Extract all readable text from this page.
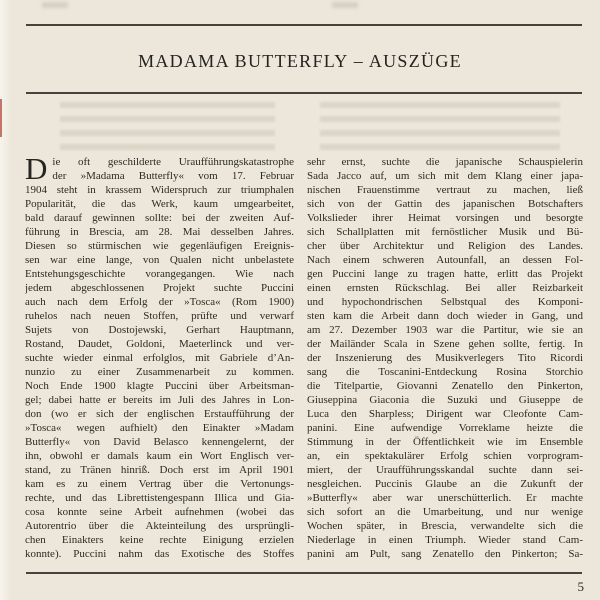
MADAMA BUTTERFLY – AUSZÜGE
D ie oft geschilderte Uraufführungskatastrophe
der »Madama Butterfly« vom 17. Februar
1904 steht in krassem Widerspruch zur triumphalen
Popularität, die das Werk, kaum umgearbeitet,
bald darauf gewinnen sollte: bei der zweiten Auf-
führung in Brescia, am 28. Mai desselben Jahres.
Diesen so stürmischen wie gegenläufigen Ereignis-
sen war eine lange, von Qualen nicht unbelastete
Entstehungsgeschichte vorangegangen. Wie nach
jedem abgeschlossenen Projekt suchte Puccini
auch nach dem Erfolg der »Tosca« (Rom 1900)
ruhelos nach neuen Stoffen, prüfte und verwarf
Sujets von Dostojewski, Gerhart Hauptmann,
Rostand, Daudet, Goldoni, Maeterlinck und ver-
suchte wieder einmal erfolglos, mit Gabriele d’An-
nunzio zu einer Zusammenarbeit zu kommen.
Noch Ende 1900 klagte Puccini über Arbeitsman-
gel; dabei hatte er bereits im Juli des Jahres in Lon-
don (wo er sich der englischen Erstaufführung der
»Tosca« wegen aufhielt) den Einakter »Madam
Butterfly« von David Belasco kennengelernt, der
ihn, obwohl er damals kaum ein Wort Englisch ver-
stand, zu Tränen hinriß. Doch erst im April 1901
kam es zu einem Vertrag über die Vertonungs-
rechte, und das Librettistengespann Illica und Gia-
cosa konnte seine Arbeit aufnehmen (wobei das
Autorentrio über die Akteinteilung des ursprüngli-
chen Einakters keine rechte Einigung erzielen
konnte). Puccini nahm das Exotische des Stoffes
sehr ernst, suchte die japanische Schauspielerin
Sada Jacco auf, um sich mit dem Klang einer japa-
nischen Frauenstimme vertraut zu machen, ließ
sich von der Gattin des japanischen Botschafters
Volkslieder ihrer Heimat vorsingen und besorgte
sich Schallplatten mit fernöstlicher Musik und Bü-
cher über Architektur und Religion des Landes.
Nach einem schweren Autounfall, an dessen Fol-
gen Puccini lange zu tragen hatte, erlitt das Projekt
einen ernsten Rückschlag. Bei aller Reizbarkeit
und hypochondrischen Selbstqual des Komponi-
sten kam die Arbeit dann doch wieder in Gang, und
am 27. Dezember 1903 war die Partitur, wie sie an
der Mailänder Scala in Szene gehen sollte, fertig. In
der Inszenierung des Musikverlegers Tito Ricordi
sang die Toscanini-Entdeckung Rosina Storchio
die Titelpartie, Giovanni Zenatello den Pinkerton,
Giuseppina Giaconia die Suzuki und Giuseppe de
Luca den Sharpless; Dirigent war Cleofonte Cam-
panini. Eine aufwendige Vorreklame heizte die
Stimmung in der Öffentlichkeit wie im Ensemble
an, ein spektakulärer Erfolg schien vorprogram-
miert, der Uraufführungsskandal suchte dann sei-
nesgleichen. Puccinis Glaube an die Zukunft der
»Butterfly« aber war unerschütterlich. Er machte
sich sofort an die Umarbeitung, und nur wenige
Wochen später, in Brescia, verwandelte sich die
Niederlage in einen Triumph. Wieder stand Cam-
panini am Pult, sang Zenatello den Pinkerton; Sa-
5
